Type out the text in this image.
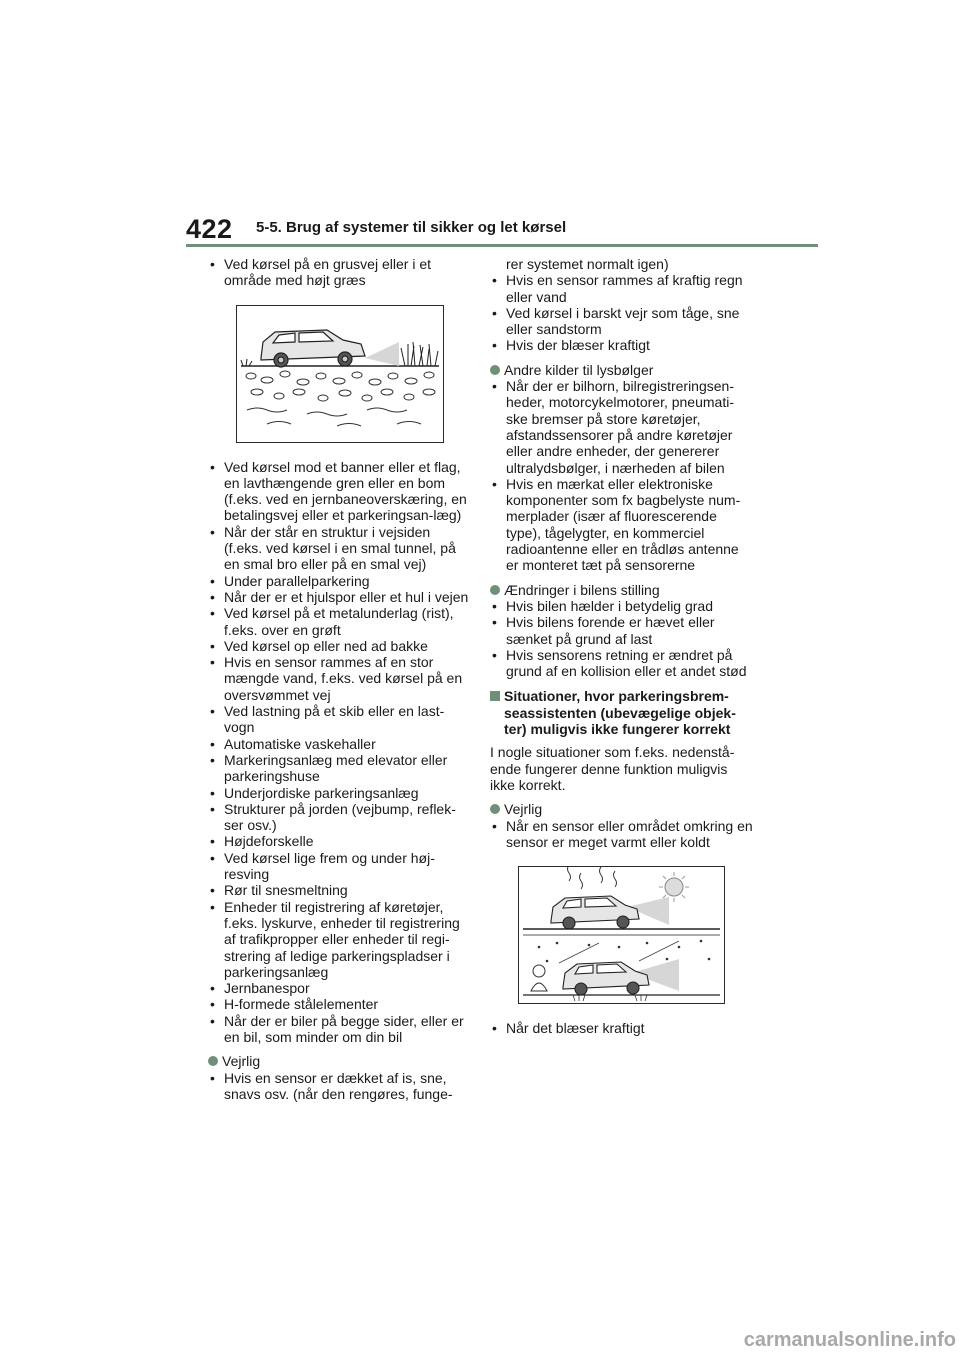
422 5-5. Brug af systemer til sikker og let kørsel
• Ved kørsel på en grusvej eller i et område med højt græs
• Ved kørsel mod et banner eller et flag, en lavthængende gren eller en bom (f.eks. ved en jernbaneoverskæring, en betalingsvej eller et parkeringsan-læg)
• Når der står en struktur i vejsiden (f.eks. ved kørsel i en smal tunnel, på en smal bro eller på en smal vej)
• Under parallelparkering
• Når der er et hjulspor eller et hul i vejen
• Ved kørsel på et metalunderlag (rist), f.eks. over en grøft
• Ved kørsel op eller ned ad bakke
• Hvis en sensor rammes af en stor mængde vand, f.eks. ved kørsel på en oversvømmet vej
• Ved lastning på et skib eller en last-vogn
• Automatiske vaskehaller
• Markeringsanlæg med elevator eller parkeringshuse
• Underjordiske parkeringsanlæg
• Strukturer på jorden (vejbump, reflek-ser osv.)
• Højdeforskelle
• Ved kørsel lige frem og under høj-resving
• Rør til snesmeltning
• Enheder til registrering af køretøjer, f.eks. lyskurve, enheder til registrering af trafikpropper eller enheder til regi-strering af ledige parkeringspladser i parkeringsanlæg
• Jernbanespor
• H-formede stålelementer
• Når der er biler på begge sider, eller er en bil, som minder om din bil
Vejrlig
• Hvis en sensor er dækket af is, sne, snavs osv. (når den rengøres, funge-
rer systemet normalt igen)
• Hvis en sensor rammes af kraftig regn eller vand
• Ved kørsel i barskt vejr som tåge, sne eller sandstorm
• Hvis der blæser kraftigt
Andre kilder til lysbølger
• Når der er bilhorn, bilregistreringsen-heder, motorcykelmotorer, pneumati-ske bremser på store køretøjer, afstandssensorer på andre køretøjer eller andre enheder, der genererer ultralydsbølger, i nærheden af bilen
• Hvis en mærkat eller elektroniske komponenter som fx bagbelyste num-merplader (især af fluorescerende type), tågelygter, en kommerciel radioantenne eller en trådløs antenne er monteret tæt på sensorerne
Ændringer i bilens stilling
• Hvis bilen hælder i betydelig grad
• Hvis bilens forende er hævet eller sænket på grund af last
• Hvis sensorens retning er ændret på grund af en kollision eller et andet stød
Situationer, hvor parkeringsbrem-seassistenten (ubevægelige objek-ter) muligvis ikke fungerer korrekt
I nogle situationer som f.eks. nedenstå-ende fungerer denne funktion muligvis ikke korrekt.
Vejrlig
• Når en sensor eller området omkring en sensor er meget varmt eller koldt
• Når det blæser kraftigt
carmanualsonline.info
